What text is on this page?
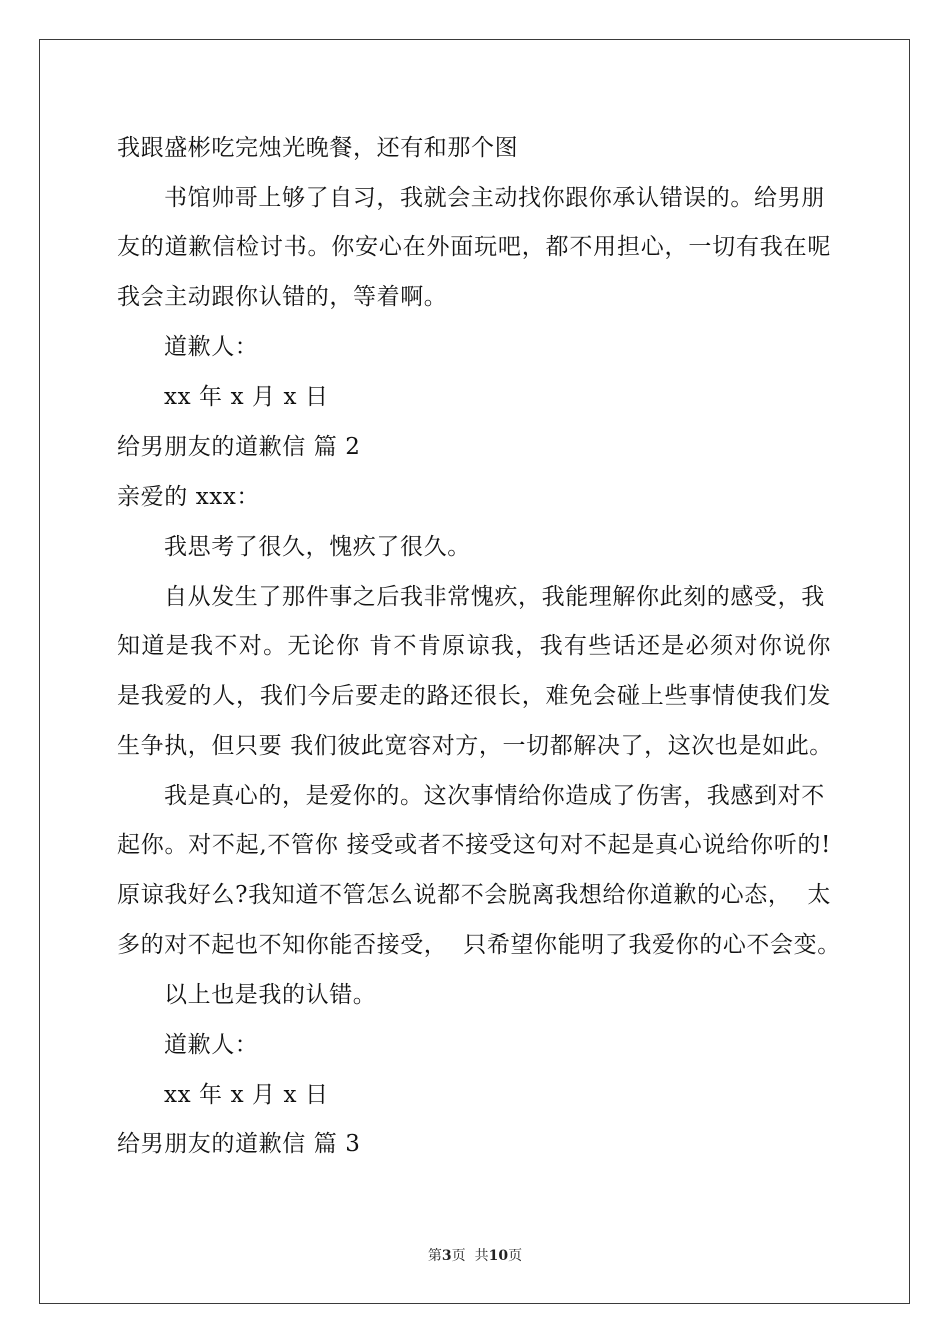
我跟盛彬吃完烛光晚餐，还有和那个图
书馆帅哥上够了自习，我就会主动找你跟你承认错误的。给男朋
友的道歉信检讨书。你安心在外面玩吧，都不用担心，一切有我在呢
我会主动跟你认错的，等着啊。
道歉人：
xx 年 x 月 x 日
给男朋友的道歉信 篇 2
亲爱的 xxx：
我思考了很久，愧疚了很久。
自从发生了那件事之后我非常愧疚，我能理解你此刻的感受，我
知道是我不对。无论你 肯不肯原谅我，我有些话还是必须对你说你
是我爱的人，我们今后要走的路还很长，难免会碰上些事情使我们发
生争执，但只要 我们彼此宽容对方，一切都解决了，这次也是如此。
我是真心的，是爱你的。这次事情给你造成了伤害，我感到对不
起你。对不起,不管你 接受或者不接受这句对不起是真心说给你听的!
原谅我好么?我知道不管怎么说都不会脱离我想给你道歉的心态，  太
多的对不起也不知你能否接受，  只希望你能明了我爱你的心不会变。
以上也是我的认错。
道歉人：
xx 年 x 月 x 日
给男朋友的道歉信 篇 3
第3页  共10页
